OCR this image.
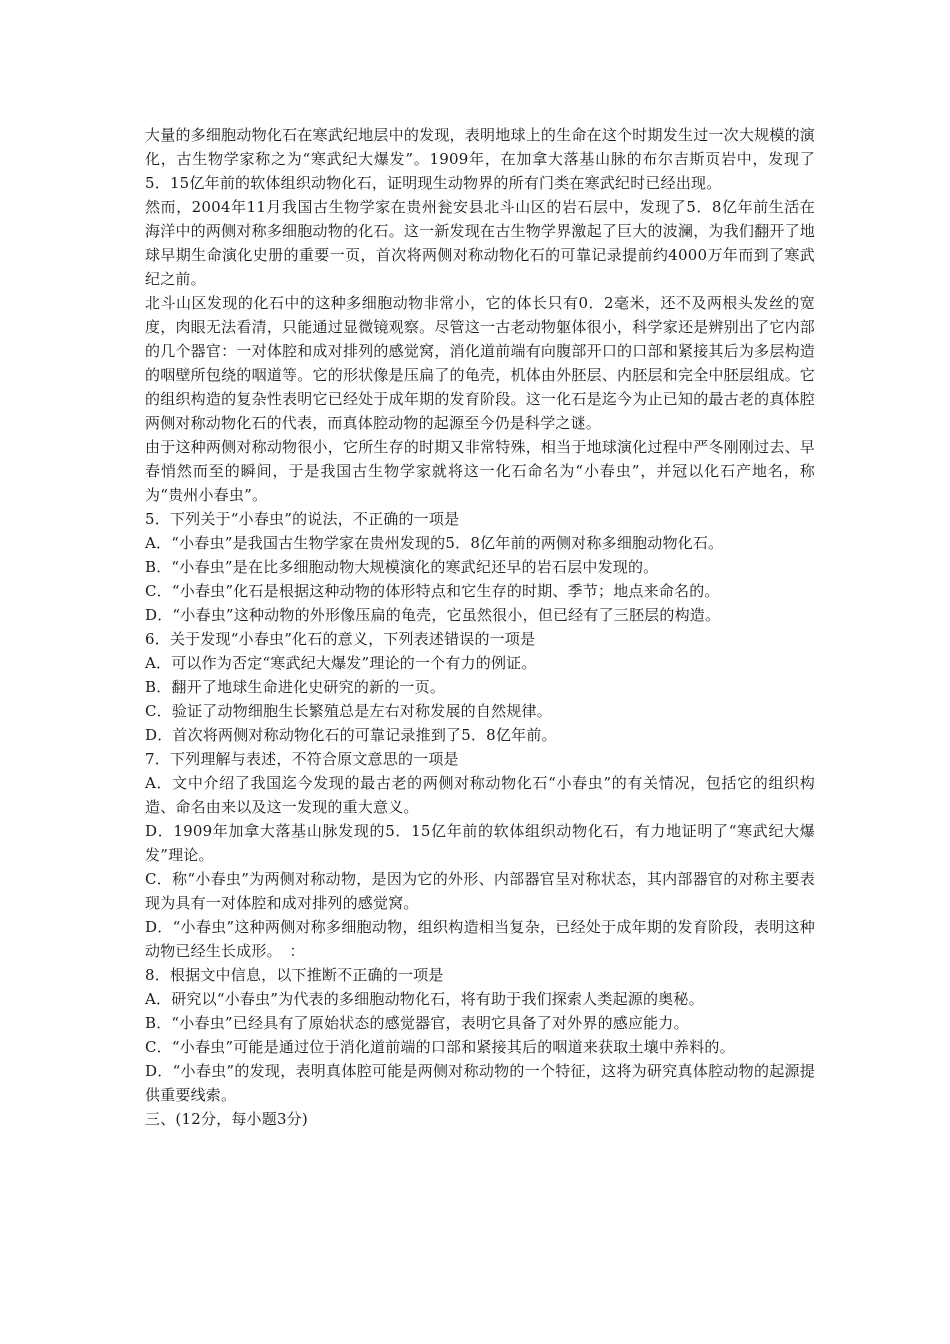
大量的多细胞动物化石在寒武纪地层中的发现，表明地球上的生命在这个时期发生过一次大规模的演化，古生物学家称之为“寒武纪大爆发”。1909年，在加拿大落基山脉的布尔吉斯页岩中，发现了5．15亿年前的软体组织动物化石，证明现生动物界的所有门类在寒武纪时已经出现。

然而，2004年11月我国古生物学家在贵州瓮安县北斗山区的岩石层中，发现了5．8亿年前生活在海洋中的两侧对称多细胞动物的化石。这一新发现在古生物学界激起了巨大的波澜，为我们翻开了地球早期生命演化史册的重要一页，首次将两侧对称动物化石的可靠记录提前约4000万年而到了寒武纪之前。

北斗山区发现的化石中的这种多细胞动物非常小，它的体长只有0．2毫米，还不及两根头发丝的宽度，肉眼无法看清，只能通过显微镜观察。尽管这一古老动物躯体很小，科学家还是辨别出了它内部的几个器官：一对体腔和成对排列的感觉窝，消化道前端有向腹部开口的口部和紧接其后为多层构造的咽壁所包绕的咽道等。它的形状像是压扁了的龟壳，机体由外胚层、内胚层和完全中胚层组成。它的组织构造的复杂性表明它已经处于成年期的发育阶段。这一化石是迄今为止已知的最古老的真体腔两侧对称动物化石的代表，而真体腔动物的起源至今仍是科学之谜。

由于这种两侧对称动物很小，它所生存的时期又非常特殊，相当于地球演化过程中严冬刚刚过去、早春悄然而至的瞬间，于是我国古生物学家就将这一化石命名为“小春虫”，并冠以化石产地名，称为“贵州小春虫”。

5．下列关于“小春虫”的说法，不正确的一项是

A．“小春虫”是我国古生物学家在贵州发现的5．8亿年前的两侧对称多细胞动物化石。

B．“小春虫”是在比多细胞动物大规模演化的寒武纪还早的岩石层中发现的。

C．“小春虫”化石是根据这种动物的体形特点和它生存的时期、季节；地点来命名的。

D．“小春虫”这种动物的外形像压扁的龟壳，它虽然很小，但已经有了三胚层的构造。

6．关于发现“小春虫”化石的意义，下列表述错误的一项是

A．可以作为否定“寒武纪大爆发”理论的一个有力的例证。

B．翻开了地球生命进化史研究的新的一页。

C．验证了动物细胞生长繁殖总是左右对称发展的自然规律。

D．首次将两侧对称动物化石的可靠记录推到了5．8亿年前。

7．下列理解与表述，不符合原文意思的一项是

A．文中介绍了我国迄今发现的最古老的两侧对称动物化石“小春虫”的有关情况，包括它的组织构造、命名由来以及这一发现的重大意义。

D．1909年加拿大落基山脉发现的5．15亿年前的软体组织动物化石，有力地证明了“寒武纪大爆发”理论。

C．称“小春虫”为两侧对称动物，是因为它的外形、内部器官呈对称状态，其内部器官的对称主要表现为具有一对体腔和成对排列的感觉窝。

D．“小春虫”这种两侧对称多细胞动物，组织构造相当复杂，已经处于成年期的发育阶段，表明这种动物已经生长成形。　：

8．根据文中信息，以下推断不正确的一项是

A．研究以“小春虫”为代表的多细胞动物化石，将有助于我们探索人类起源的奥秘。

B．“小春虫”已经具有了原始状态的感觉器官，表明它具备了对外界的感应能力。

C．“小春虫”可能是通过位于消化道前端的口部和紧接其后的咽道来获取土壤中养料的。

D．“小春虫”的发现，表明真体腔可能是两侧对称动物的一个特征，这将为研究真体腔动物的起源提供重要线索。

三、(12分，每小题3分)
